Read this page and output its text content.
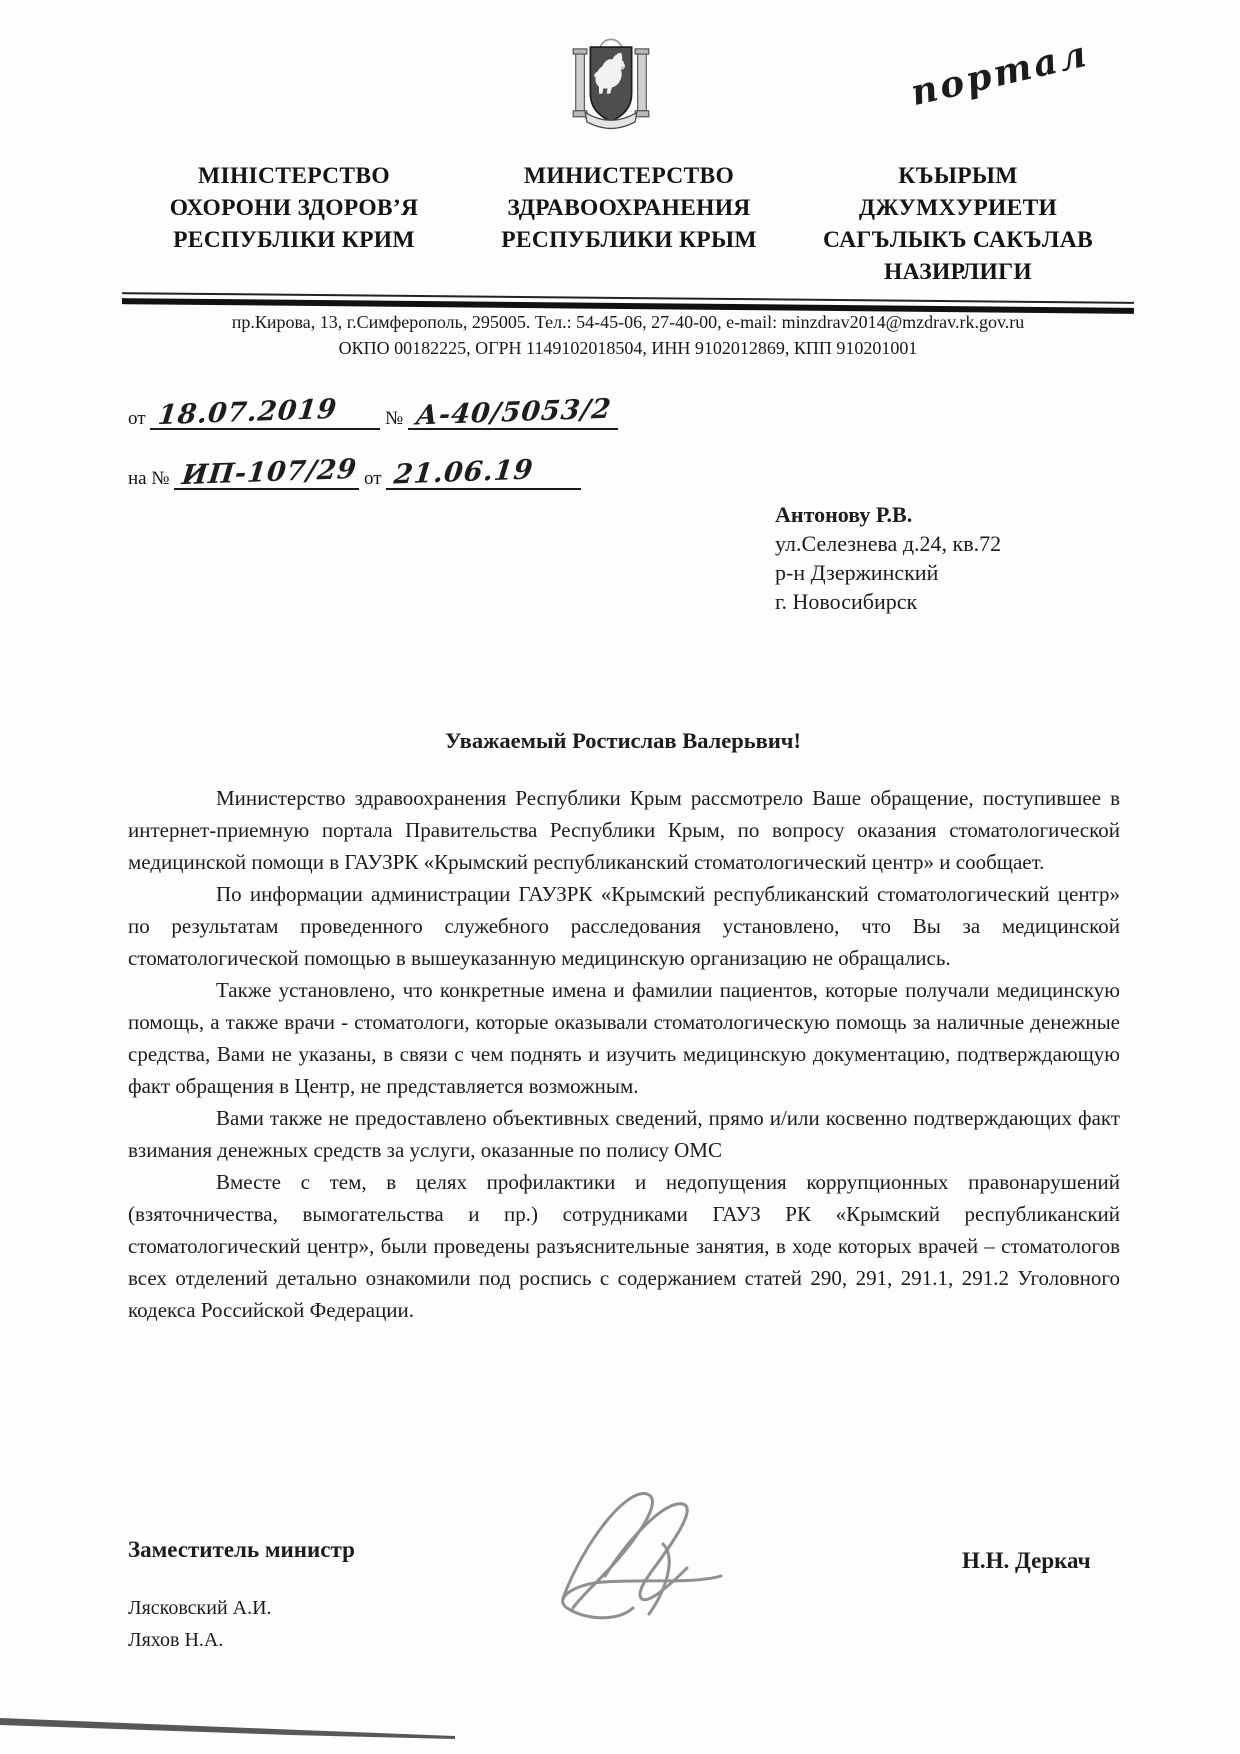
портал
МІНІСТЕРСТВО
ОХОРОНИ ЗДОРОВ’Я
РЕСПУБЛІКИ КРИМ
МИНИСТЕРСТВО
ЗДРАВООХРАНЕНИЯ
РЕСПУБЛИКИ КРЫМ
КЪЫРЫМ
ДЖУМХУРИЕТИ
САГЪЛЫКЪ САКЪЛАВ
НАЗИРЛИГИ
пр.Кирова, 13, г.Симферополь, 295005. Тел.: 54-45-06, 27-40-00, e-mail: minzdrav2014@mzdrav.rk.gov.ru
ОКПО 00182225, ОГРН 1149102018504, ИНН 9102012869, КПП 910201001
от 18.07.2019 № А-40/5053/2
на № ИП-107/29 от 21.06.19
Антонову Р.В.
ул.Селезнева д.24, кв.72
р-н Дзержинский
г. Новосибирск
Уважаемый Ростислав Валерьвич!

Министерство здравоохранения Республики Крым рассмотрело Ваше обращение, поступившее в интернет-приемную портала Правительства Республики Крым, по вопросу оказания стоматологической медицинской помощи в ГАУЗРК «Крымский республиканский стоматологический центр» и сообщает.

По информации администрации ГАУЗРК «Крымский республиканский стоматологический центр» по результатам проведенного служебного расследования установлено, что Вы за медицинской стоматологической помощью в вышеуказанную медицинскую организацию не обращались.

Также установлено, что конкретные имена и фамилии пациентов, которые получали медицинскую помощь, а также врачи - стоматологи, которые оказывали стоматологическую помощь за наличные денежные средства, Вами не указаны, в связи с чем поднять и изучить медицинскую документацию, подтверждающую факт обращения в Центр, не представляется возможным.

Вами также не предоставлено объективных сведений, прямо и/или косвенно подтверждающих факт взимания денежных средств за услуги, оказанные по полису ОМС

Вместе с тем, в целях профилактики и недопущения коррупционных правонарушений (взяточничества, вымогательства и пр.) сотрудниками ГАУЗ РК «Крымский республиканский стоматологический центр», были проведены разъяснительные занятия, в ходе которых врачей – стоматологов всех отделений детально ознакомили под роспись с содержанием статей 290, 291, 291.1, 291.2 Уголовного кодекса Российской Федерации.

Заместитель министр	Н.Н. Деркач
Лясковский А.И.
Ляхов Н.А.
